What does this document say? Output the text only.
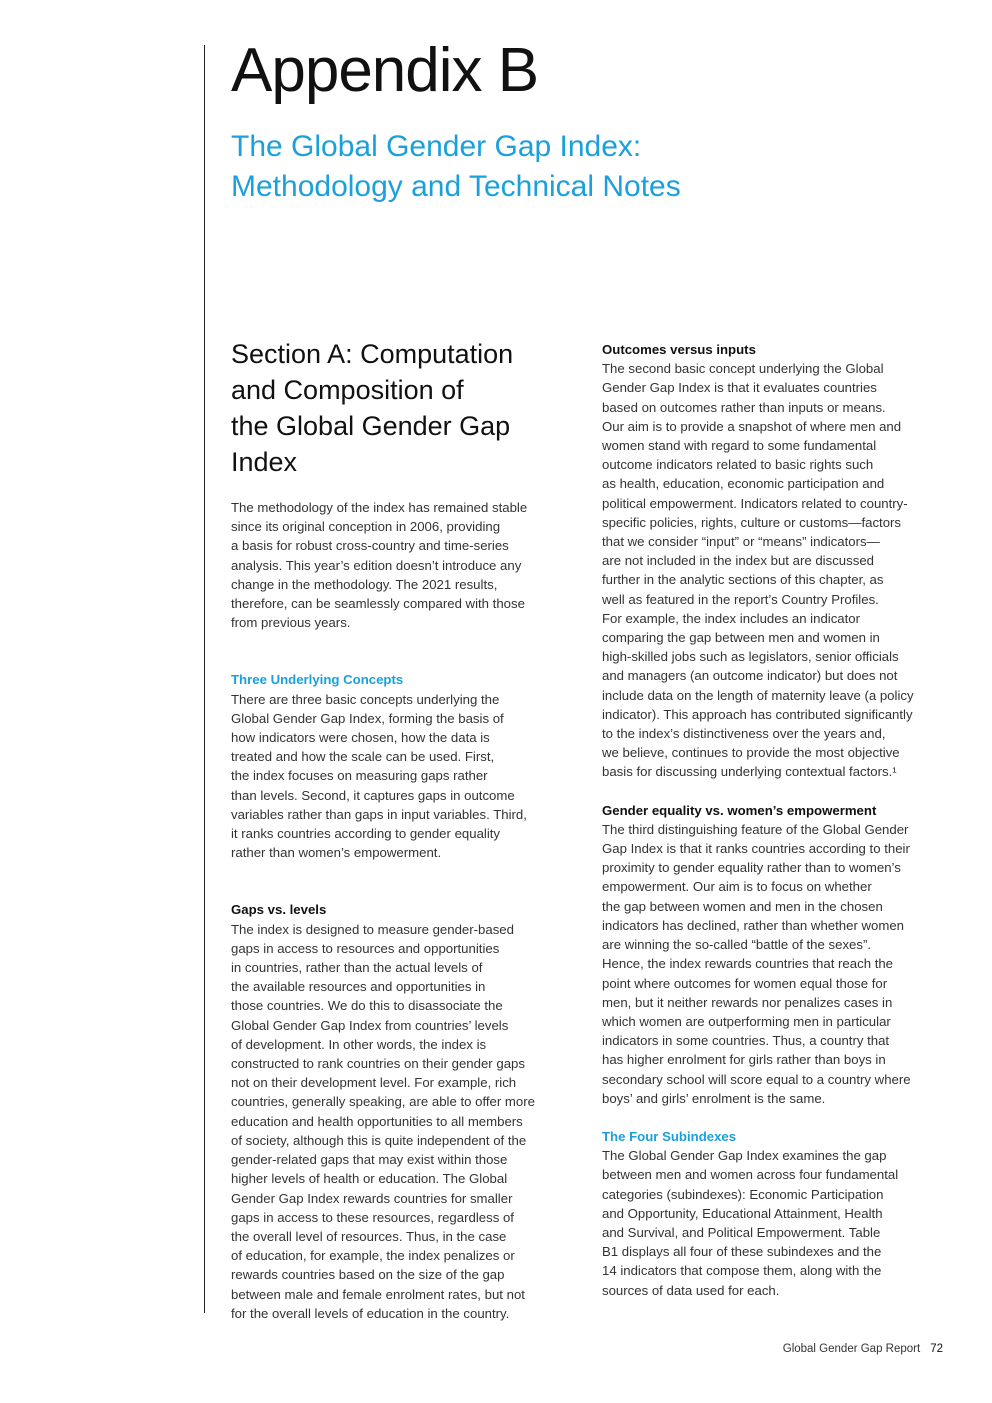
Appendix B
The Global Gender Gap Index:
Methodology and Technical Notes
Section A: Computation
and Composition of
the Global Gender Gap
Index

The methodology of the index has remained stable
since its original conception in 2006, providing
a basis for robust cross-country and time-series
analysis. This year’s edition doesn’t introduce any
change in the methodology. The 2021 results,
therefore, can be seamlessly compared with those
from previous years.

Three Underlying Concepts

There are three basic concepts underlying the
Global Gender Gap Index, forming the basis of
how indicators were chosen, how the data is
treated and how the scale can be used. First,
the index focuses on measuring gaps rather
than levels. Second, it captures gaps in outcome
variables rather than gaps in input variables. Third,
it ranks countries according to gender equality
rather than women’s empowerment.

Gaps vs. levels

The index is designed to measure gender-based
gaps in access to resources and opportunities
in countries, rather than the actual levels of
the available resources and opportunities in
those countries. We do this to disassociate the
Global Gender Gap Index from countries’ levels
of development. In other words, the index is
constructed to rank countries on their gender gaps
not on their development level. For example, rich
countries, generally speaking, are able to offer more
education and health opportunities to all members
of society, although this is quite independent of the
gender-related gaps that may exist within those
higher levels of health or education. The Global
Gender Gap Index rewards countries for smaller
gaps in access to these resources, regardless of
the overall level of resources. Thus, in the case
of education, for example, the index penalizes or
rewards countries based on the size of the gap
between male and female enrolment rates, but not
for the overall levels of education in the country.

Outcomes versus inputs

The second basic concept underlying the Global
Gender Gap Index is that it evaluates countries
based on outcomes rather than inputs or means.
Our aim is to provide a snapshot of where men and
women stand with regard to some fundamental
outcome indicators related to basic rights such
as health, education, economic participation and
political empowerment. Indicators related to country-
specific policies, rights, culture or customs—factors
that we consider “input” or “means” indicators—
are not included in the index but are discussed
further in the analytic sections of this chapter, as
well as featured in the report’s Country Profiles.
For example, the index includes an indicator
comparing the gap between men and women in
high-skilled jobs such as legislators, senior officials
and managers (an outcome indicator) but does not
include data on the length of maternity leave (a policy
indicator). This approach has contributed significantly
to the index’s distinctiveness over the years and,
we believe, continues to provide the most objective
basis for discussing underlying contextual factors.¹

Gender equality vs. women’s empowerment

The third distinguishing feature of the Global Gender
Gap Index is that it ranks countries according to their
proximity to gender equality rather than to women’s
empowerment. Our aim is to focus on whether
the gap between women and men in the chosen
indicators has declined, rather than whether women
are winning the so-called “battle of the sexes”.
Hence, the index rewards countries that reach the
point where outcomes for women equal those for
men, but it neither rewards nor penalizes cases in
which women are outperforming men in particular
indicators in some countries. Thus, a country that
has higher enrolment for girls rather than boys in
secondary school will score equal to a country where
boys’ and girls’ enrolment is the same.

The Four Subindexes

The Global Gender Gap Index examines the gap
between men and women across four fundamental
categories (subindexes): Economic Participation
and Opportunity, Educational Attainment, Health
and Survival, and Political Empowerment. Table
B1 displays all four of these subindexes and the
14 indicators that compose them, along with the
sources of data used for each.

Global Gender Gap Report 72
